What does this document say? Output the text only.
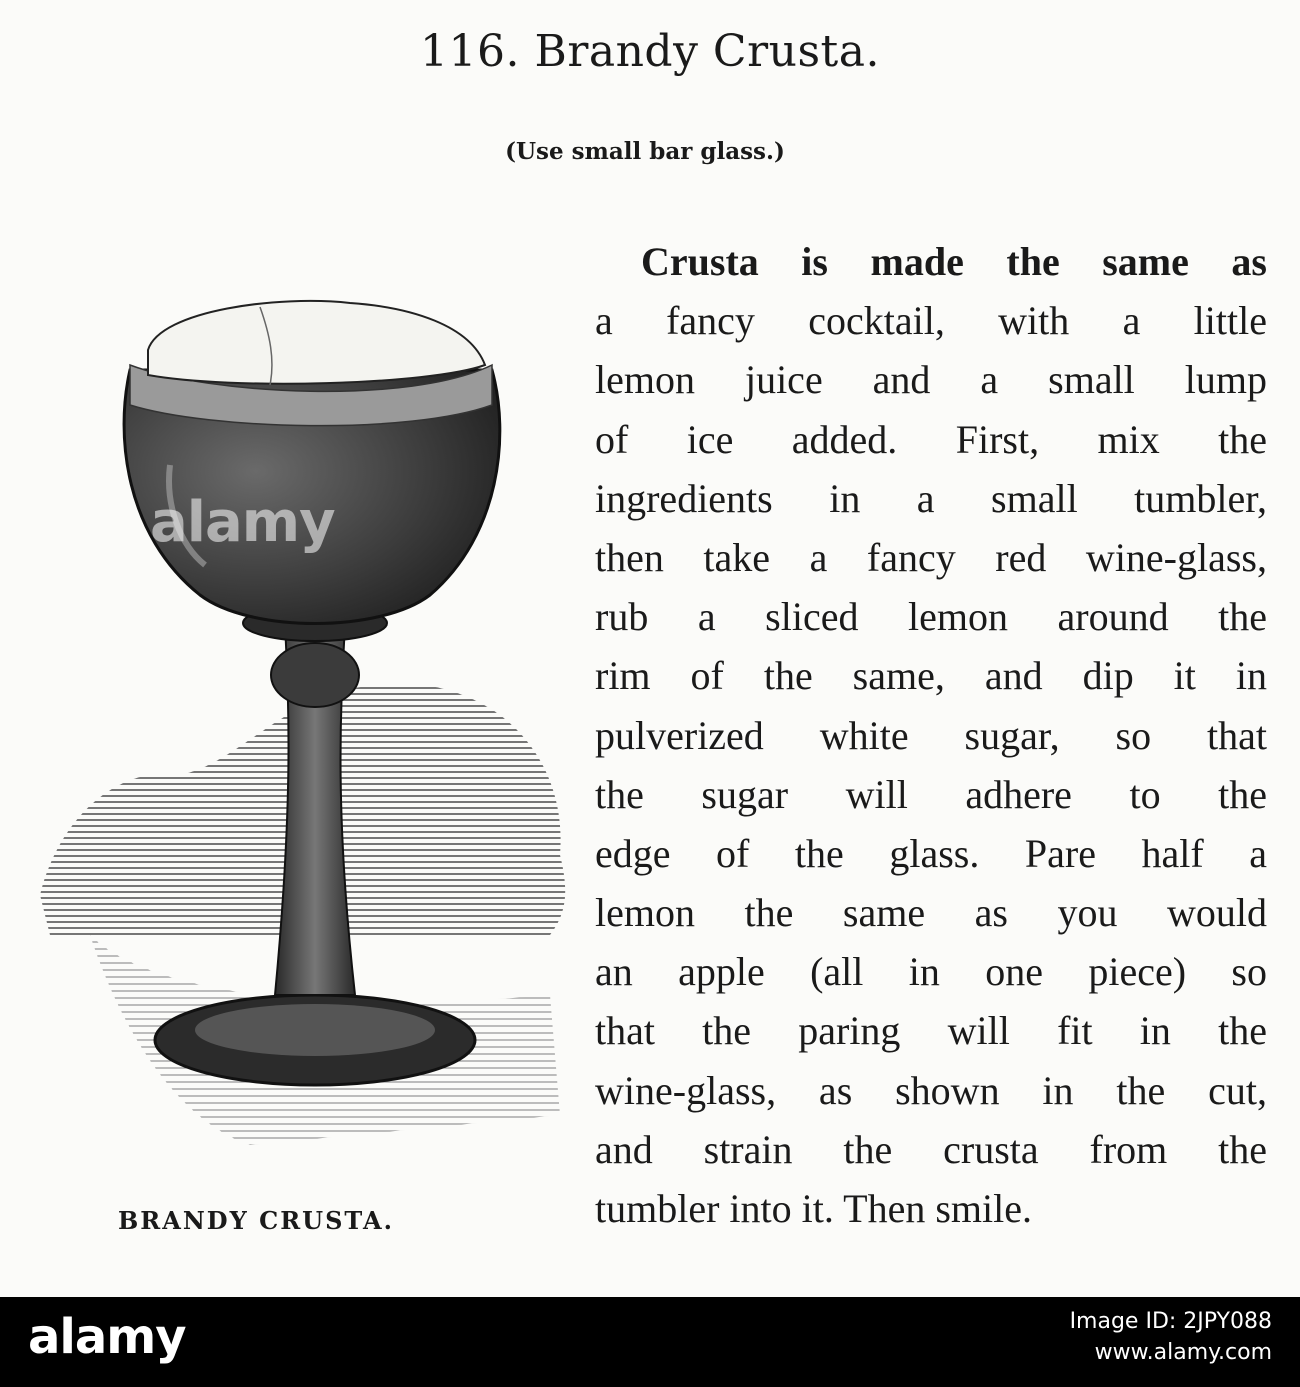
116. Brandy Crusta.
(Use small bar glass.)
alamy
BRANDY CRUSTA.
Crusta is made the same as
a fancy cocktail, with a little
lemon juice and a small lump
of ice added. First, mix the
ingredients in a small tumbler,
then take a fancy red wine-glass,
rub a sliced lemon around the
rim of the same, and dip it in
pulverized white sugar, so that
the sugar will adhere to the
edge of the glass. Pare half a
lemon the same as you would
an apple (all in one piece) so
that the paring will fit in the
wine-glass, as shown in the cut,
and strain the crusta from the
tumbler into it. Then smile.
alamy	Image ID: 2JPY088
www.alamy.com
